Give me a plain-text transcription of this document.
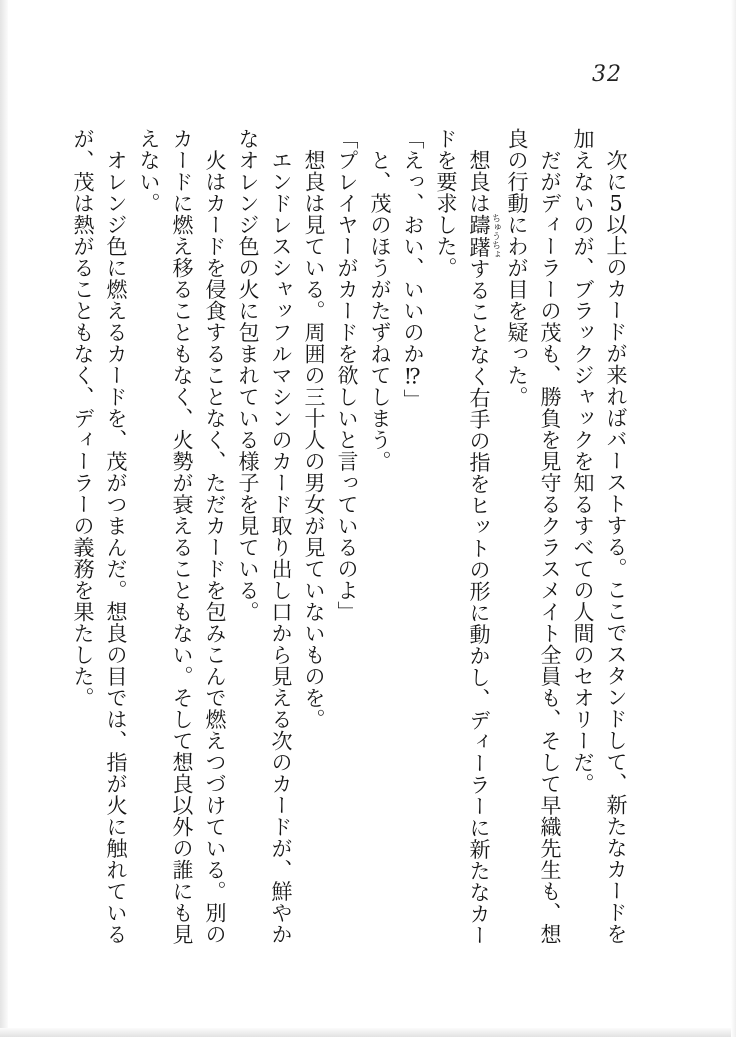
32

　次に5以上のカードが来ればバーストする。ここでスタンドして、新たなカードを

加えないのが、ブラックジャックを知るすべての人間のセオリーだ。

　だがディーラーの茂も、勝負を見守るクラスメイト全員も、そして早織先生も、想

良の行動にわが目を疑った。

　想良は躊躇 ちゅうちょすることなく右手の指をヒットの形に動かし、ディーラーに新たなカー

ドを要求した。

「えっ、おい、いいのか⁉」

　と、茂のほうがたずねてしまう。

「プレイヤーがカードを欲しいと言っているのよ」

　想良は見ている。周囲の三十人の男女が見ていないものを。

　エンドレスシャッフルマシンのカード取り出し口から見える次のカードが、鮮やか

なオレンジ色の火に包まれている様子を見ている。

　火はカードを侵食することなく、ただカードを包みこんで燃えつづけている。別の

カードに燃え移ることもなく、火勢が衰えることもない。そして想良以外の誰にも見

えない。

　オレンジ色に燃えるカードを、茂がつまんだ。想良の目では、指が火に触れている

が、茂は熱がることもなく、ディーラーの義務を果たした。
